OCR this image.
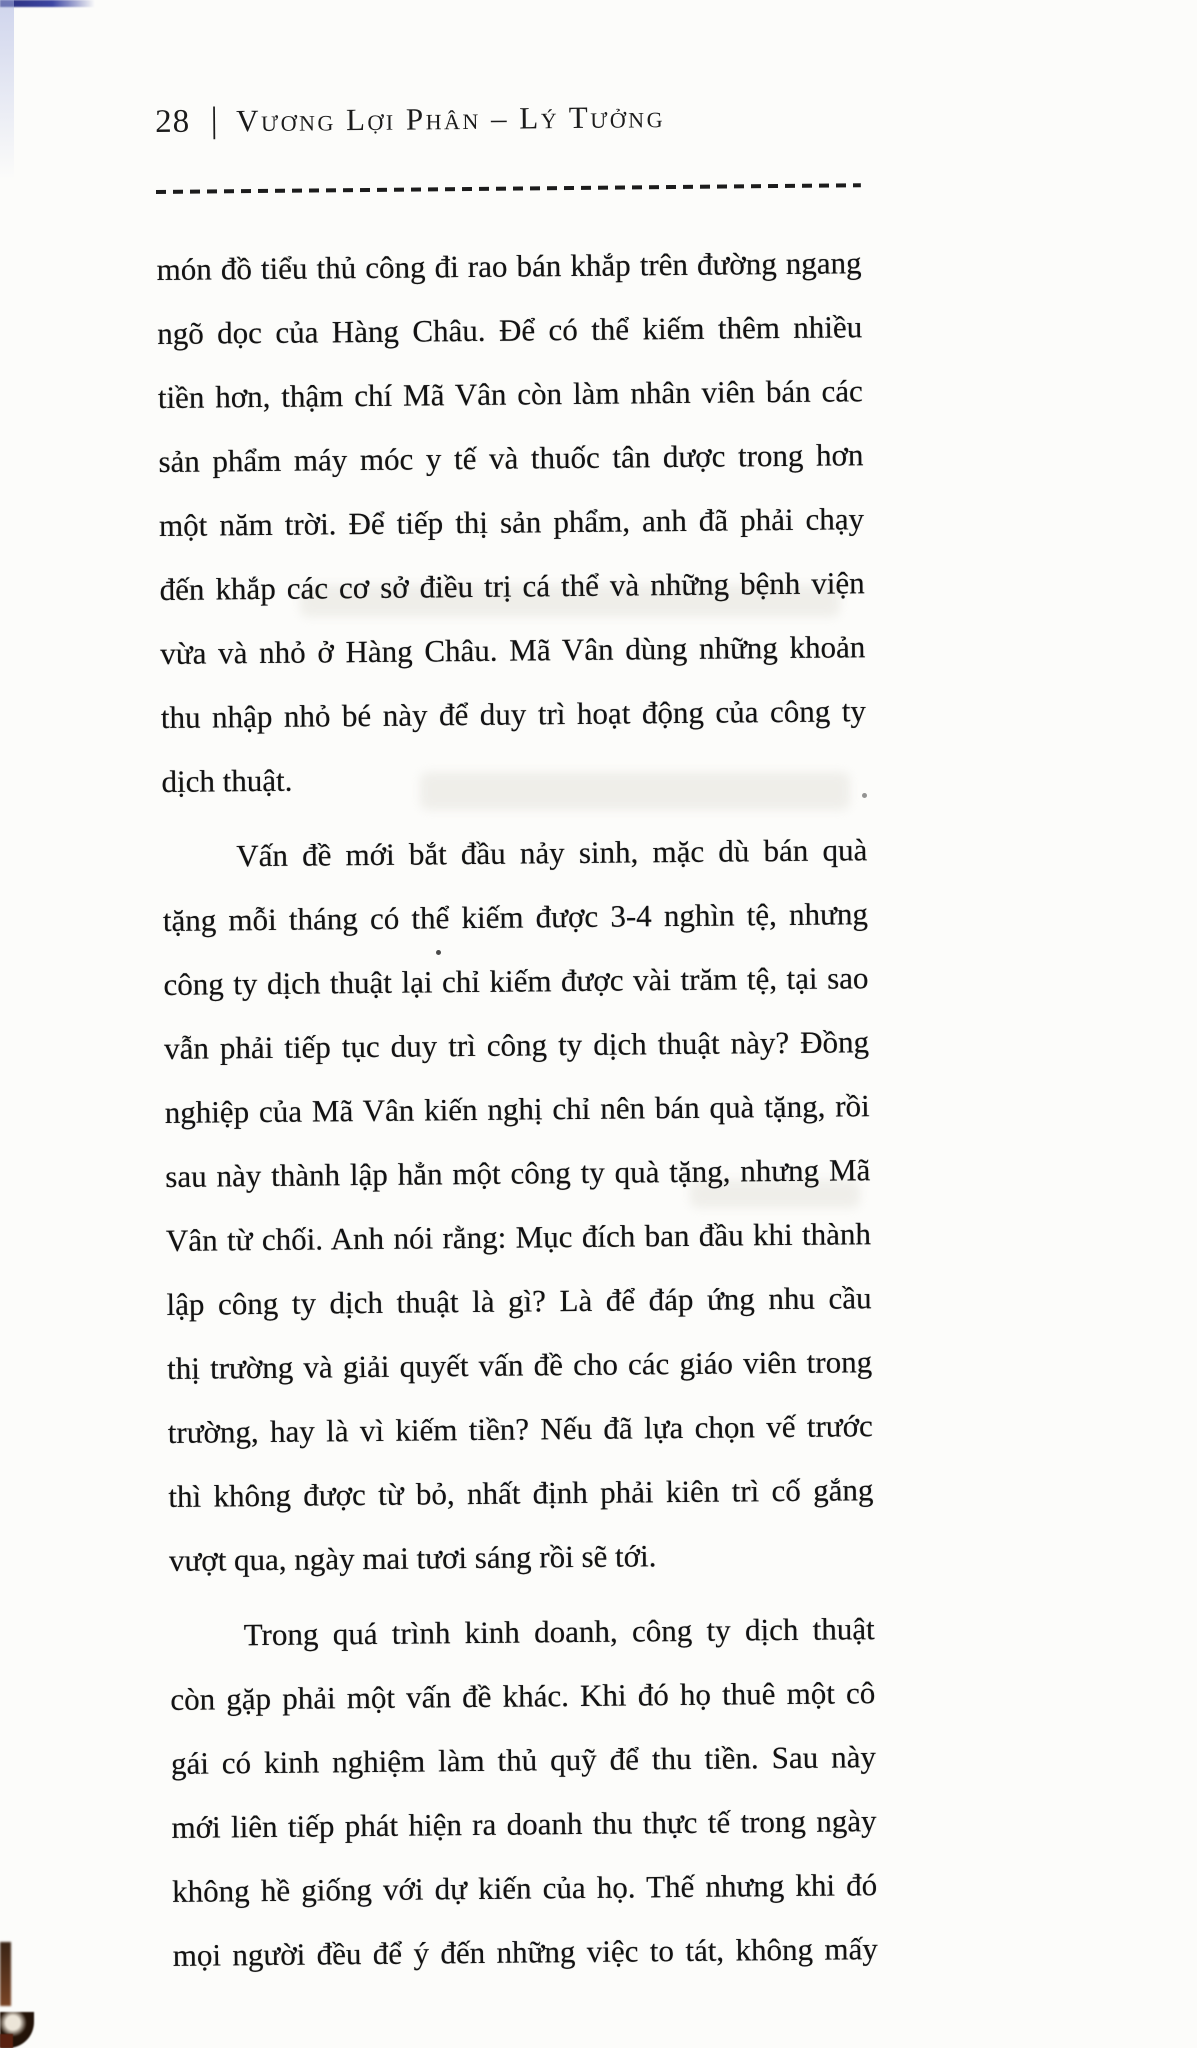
28 | Vương Lợi Phân – Lý Tưởng
món đồ tiểu thủ công đi rao bán khắp trên đường ngang
ngõ dọc của Hàng Châu. Để có thể kiếm thêm nhiều
tiền hơn, thậm chí Mã Vân còn làm nhân viên bán các
sản phẩm máy móc y tế và thuốc tân dược trong hơn
một năm trời. Để tiếp thị sản phẩm, anh đã phải chạy
đến khắp các cơ sở điều trị cá thể và những bệnh viện
vừa và nhỏ ở Hàng Châu. Mã Vân dùng những khoản
thu nhập nhỏ bé này để duy trì hoạt động của công ty
dịch thuật.
Vấn đề mới bắt đầu nảy sinh, mặc dù bán quà
tặng mỗi tháng có thể kiếm được 3-4 nghìn tệ, nhưng
công ty dịch thuật lại chỉ kiếm được vài trăm tệ, tại sao
vẫn phải tiếp tục duy trì công ty dịch thuật này? Đồng
nghiệp của Mã Vân kiến nghị chỉ nên bán quà tặng, rồi
sau này thành lập hẳn một công ty quà tặng, nhưng Mã
Vân từ chối. Anh nói rằng: Mục đích ban đầu khi thành
lập công ty dịch thuật là gì? Là để đáp ứng nhu cầu
thị trường và giải quyết vấn đề cho các giáo viên trong
trường, hay là vì kiếm tiền? Nếu đã lựa chọn vế trước
thì không được từ bỏ, nhất định phải kiên trì cố gắng
vượt qua, ngày mai tươi sáng rồi sẽ tới.
Trong quá trình kinh doanh, công ty dịch thuật
còn gặp phải một vấn đề khác. Khi đó họ thuê một cô
gái có kinh nghiệm làm thủ quỹ để thu tiền. Sau này
mới liên tiếp phát hiện ra doanh thu thực tế trong ngày
không hề giống với dự kiến của họ. Thế nhưng khi đó
mọi người đều để ý đến những việc to tát, không mấy
